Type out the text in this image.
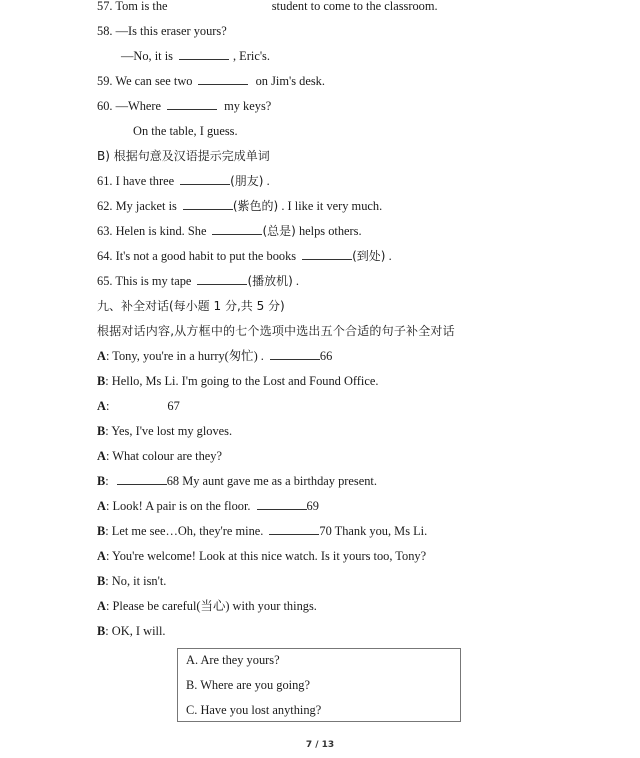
57. Tom is the	student to come to the classroom.
58. —Is this eraser yours?
—No, it is	, Eric's.
59. We can see two	on Jim's desk.
60. —Where	my keys?
On the table, I guess.
B) 根据句意及汉语提示完成单词
61. I have three	(朋友) .
62. My jacket is	(紫色的) . I like it very much.
63. Helen is kind. She	(总是) helps others.
64. It's not a good habit to put the books	(到处) .
65. This is my tape	(播放机) .
九、补全对话(每小题 1 分,共 5 分)
根据对话内容,从方框中的七个选项中选出五个合适的句子补全对话
A: Tony, you're in a hurry(匆忙) .	66
B: Hello, Ms Li. I'm going to the Lost and Found Office.
A:	67
B: Yes, I've lost my gloves.
A: What colour are they?
B:	68 My aunt gave me as a birthday present.
A: Look! A pair is on the floor.	69
B: Let me see…Oh, they're mine.	70 Thank you, Ms Li.
A: You're welcome! Look at this nice watch. Is it yours too, Tony?
B: No, it isn't.
A: Please be careful(当心) with your things.
B: OK, I will.
A. Are they yours?
B. Where are you going?
C. Have you lost anything?
7 / 13
